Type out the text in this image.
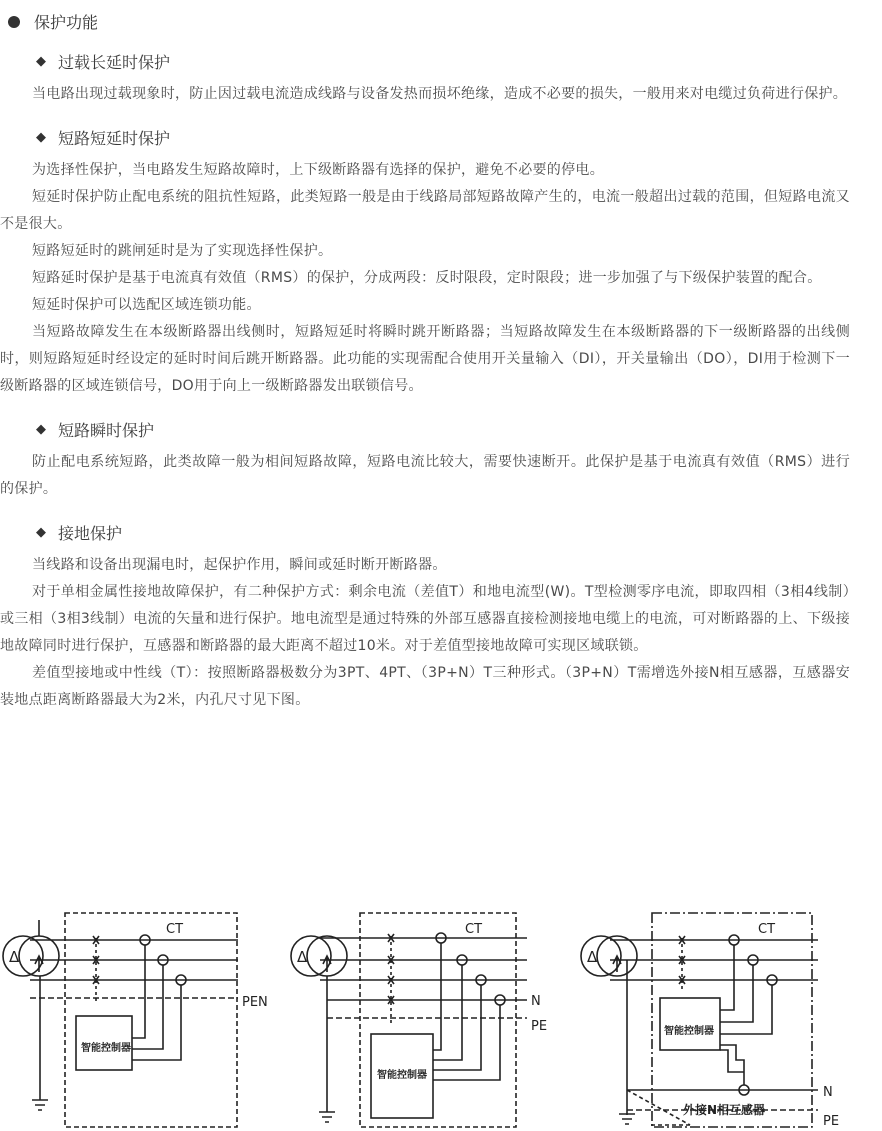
保护功能
◆ 过载长延时保护

当电路出现过载现象时，防止因过载电流造成线路与设备发热而损坏绝缘，造成不必要的损失，一般用来对电缆过负荷进行保护。

◆ 短路短延时保护

为选择性保护，当电路发生短路故障时，上下级断路器有选择的保护，避免不必要的停电。

短延时保护防止配电系统的阻抗性短路，此类短路一般是由于线路局部短路故障产生的，电流一般超出过载的范围，但短路电流又不是很大。

短路短延时的跳闸延时是为了实现选择性保护。

短路延时保护是基于电流真有效值（RMS）的保护，分成两段：反时限段，定时限段；进一步加强了与下级保护装置的配合。

短延时保护可以选配区域连锁功能。

当短路故障发生在本级断路器出线侧时，短路短延时将瞬时跳开断路器；当短路故障发生在本级断路器的下一级断路器的出线侧时，则短路短延时经设定的延时时间后跳开断路器。此功能的实现需配合使用开关量输入（DI），开关量输出（DO），DI用于检测下一级断路器的区域连锁信号，DO用于向上一级断路器发出联锁信号。

◆ 短路瞬时保护

防止配电系统短路，此类故障一般为相间短路故障，短路电流比较大，需要快速断开。此保护是基于电流真有效值（RMS）进行的保护。

◆ 接地保护

当线路和设备出现漏电时，起保护作用，瞬间或延时断开断路器。

对于单相金属性接地故障保护，有二种保护方式：剩余电流（差值T）和地电流型(W)。T型检测零序电流，即取四相（3相4线制）或三相（3相3线制）电流的矢量和进行保护。地电流型是通过特殊的外部互感器直接检测接地电缆上的电流，可对断路器的上、下级接地故障同时进行保护，互感器和断路器的最大距离不超过10米。对于差值型接地故障可实现区域联锁。

差值型接地或中性线（T）：按照断路器极数分为3PT、4PT、（3P+N）T三种形式。（3P+N）T需增选外接N相互感器，互感器安装地点距离断路器最大为2米，内孔尺寸见下图。

Δ
CT
PEN
智能控制器
Δ
CT
N
PE
智能控制器
Δ
CT
智能控制器
外接N相互感器
N
PE
